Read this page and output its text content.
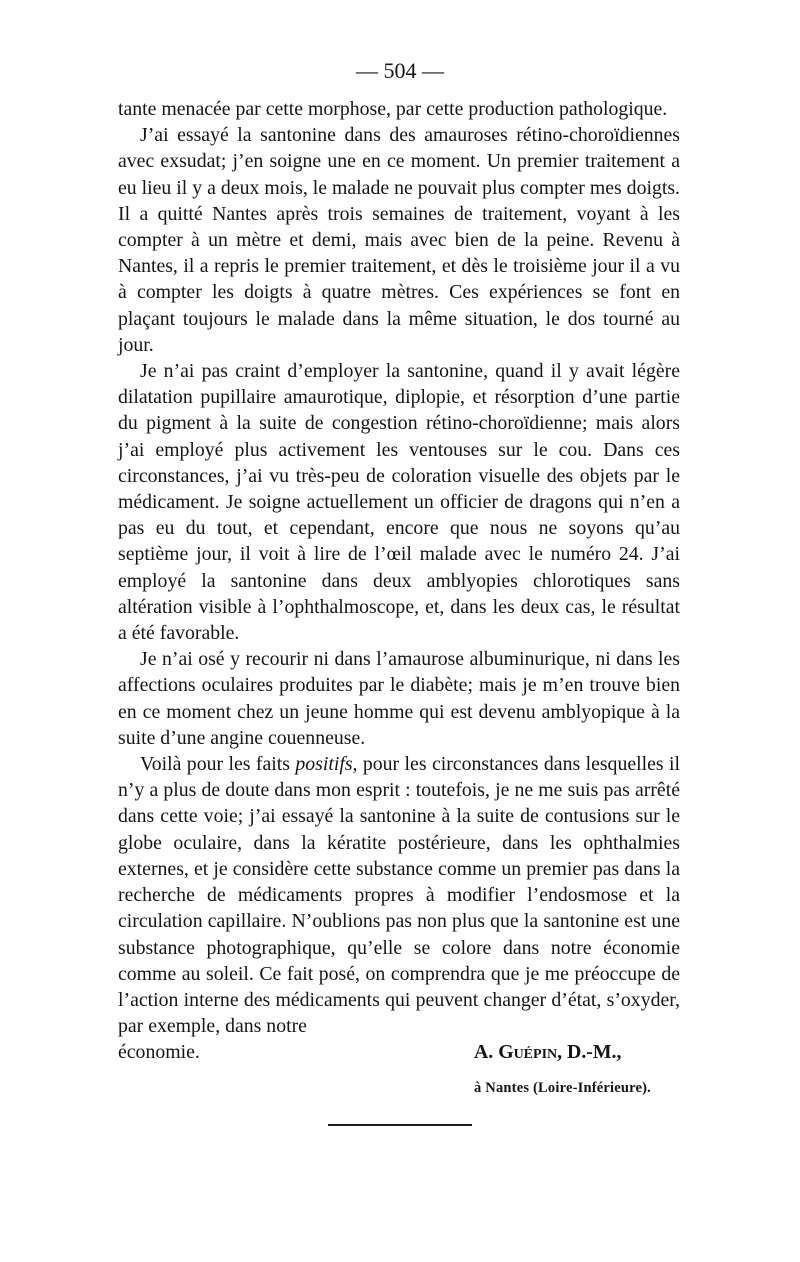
— 504 —

tante menacée par cette morphose, par cette production pathologique.

J’ai essayé la santonine dans des amauroses rétino-choroïdiennes avec exsudat; j’en soigne une en ce moment. Un premier traitement a eu lieu il y a deux mois, le malade ne pouvait plus compter mes doigts. Il a quitté Nantes après trois semaines de traitement, voyant à les compter à un mètre et demi, mais avec bien de la peine. Revenu à Nantes, il a repris le premier traitement, et dès le troisième jour il a vu à compter les doigts à quatre mètres. Ces expériences se font en plaçant toujours le malade dans la même situation, le dos tourné au jour.

Je n’ai pas craint d’employer la santonine, quand il y avait légère dilatation pupillaire amaurotique, diplopie, et résorption d’une partie du pigment à la suite de congestion rétino-choroïdienne; mais alors j’ai employé plus activement les ventouses sur le cou. Dans ces circonstances, j’ai vu très-peu de coloration visuelle des objets par le médicament. Je soigne actuellement un officier de dragons qui n’en a pas eu du tout, et cependant, encore que nous ne soyons qu’au septième jour, il voit à lire de l’œil malade avec le numéro 24. J’ai employé la santonine dans deux amblyopies chlorotiques sans altération visible à l’ophthalmoscope, et, dans les deux cas, le résultat a été favorable.

Je n’ai osé y recourir ni dans l’amaurose albuminurique, ni dans les affections oculaires produites par le diabète; mais je m’en trouve bien en ce moment chez un jeune homme qui est devenu amblyopique à la suite d’une angine couenneuse.

Voilà pour les faits positifs, pour les circonstances dans lesquelles il n’y a plus de doute dans mon esprit : toutefois, je ne me suis pas arrêté dans cette voie; j’ai essayé la santonine à la suite de contusions sur le globe oculaire, dans la kératite postérieure, dans les ophthalmies externes, et je considère cette substance comme un premier pas dans la recherche de médicaments propres à modifier l’endosmose et la circulation capillaire. N’oublions pas non plus que la santonine est une substance photographique, qu’elle se colore dans notre économie comme au soleil. Ce fait posé, on comprendra que je me préoccupe de l’action interne des médicaments qui peuvent changer d’état, s’oxyder, par exemple, dans notre

économie.	A. Guépin, D.-M.,
à Nantes (Loire-Inférieure).
